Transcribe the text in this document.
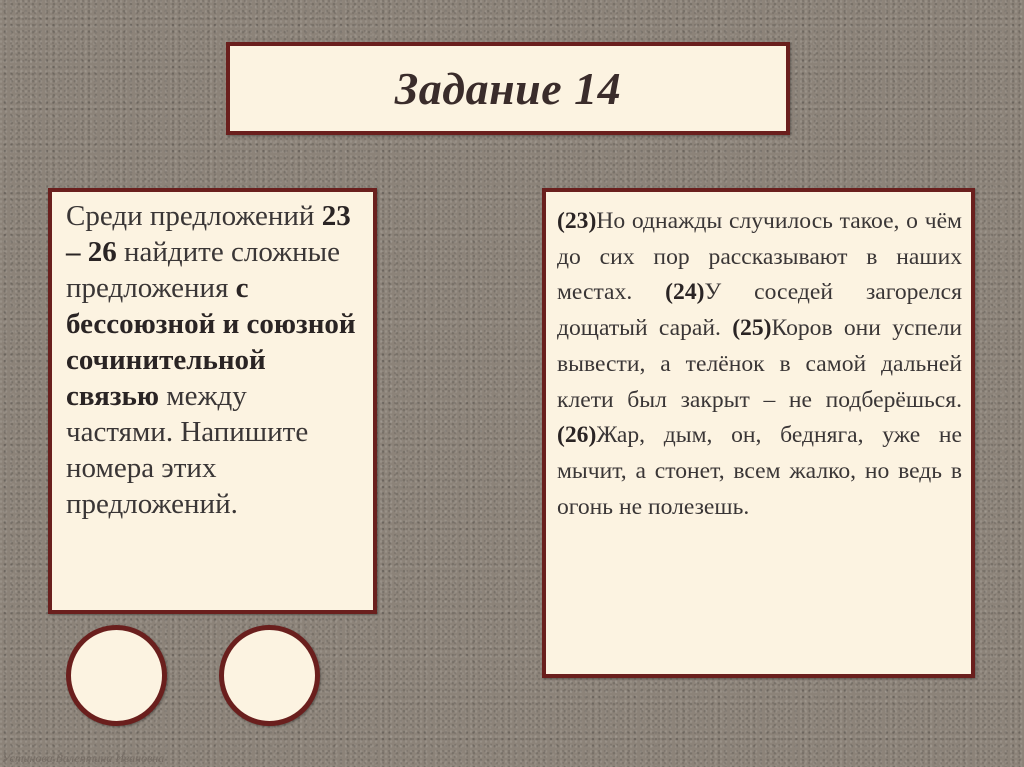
Задание 14
Среди предложений 23 – 26 найдите сложные предложения с бессоюзной и союзной сочинительной связью между частями. Напишите номера этих предложений.
(23)Но однажды случилось такое, о чём до сих пор рассказывают в наших местах. (24)У соседей загорелся дощатый сарай. (25)Коров они успели вывести, а телёнок в самой дальней клети был закрыт – не подберёшься. (26)Жар, дым, он, бедняга, уже не мычит, а стонет, всем жалко, но ведь в огонь не полезешь.
Устинова Валентина Ивановна
